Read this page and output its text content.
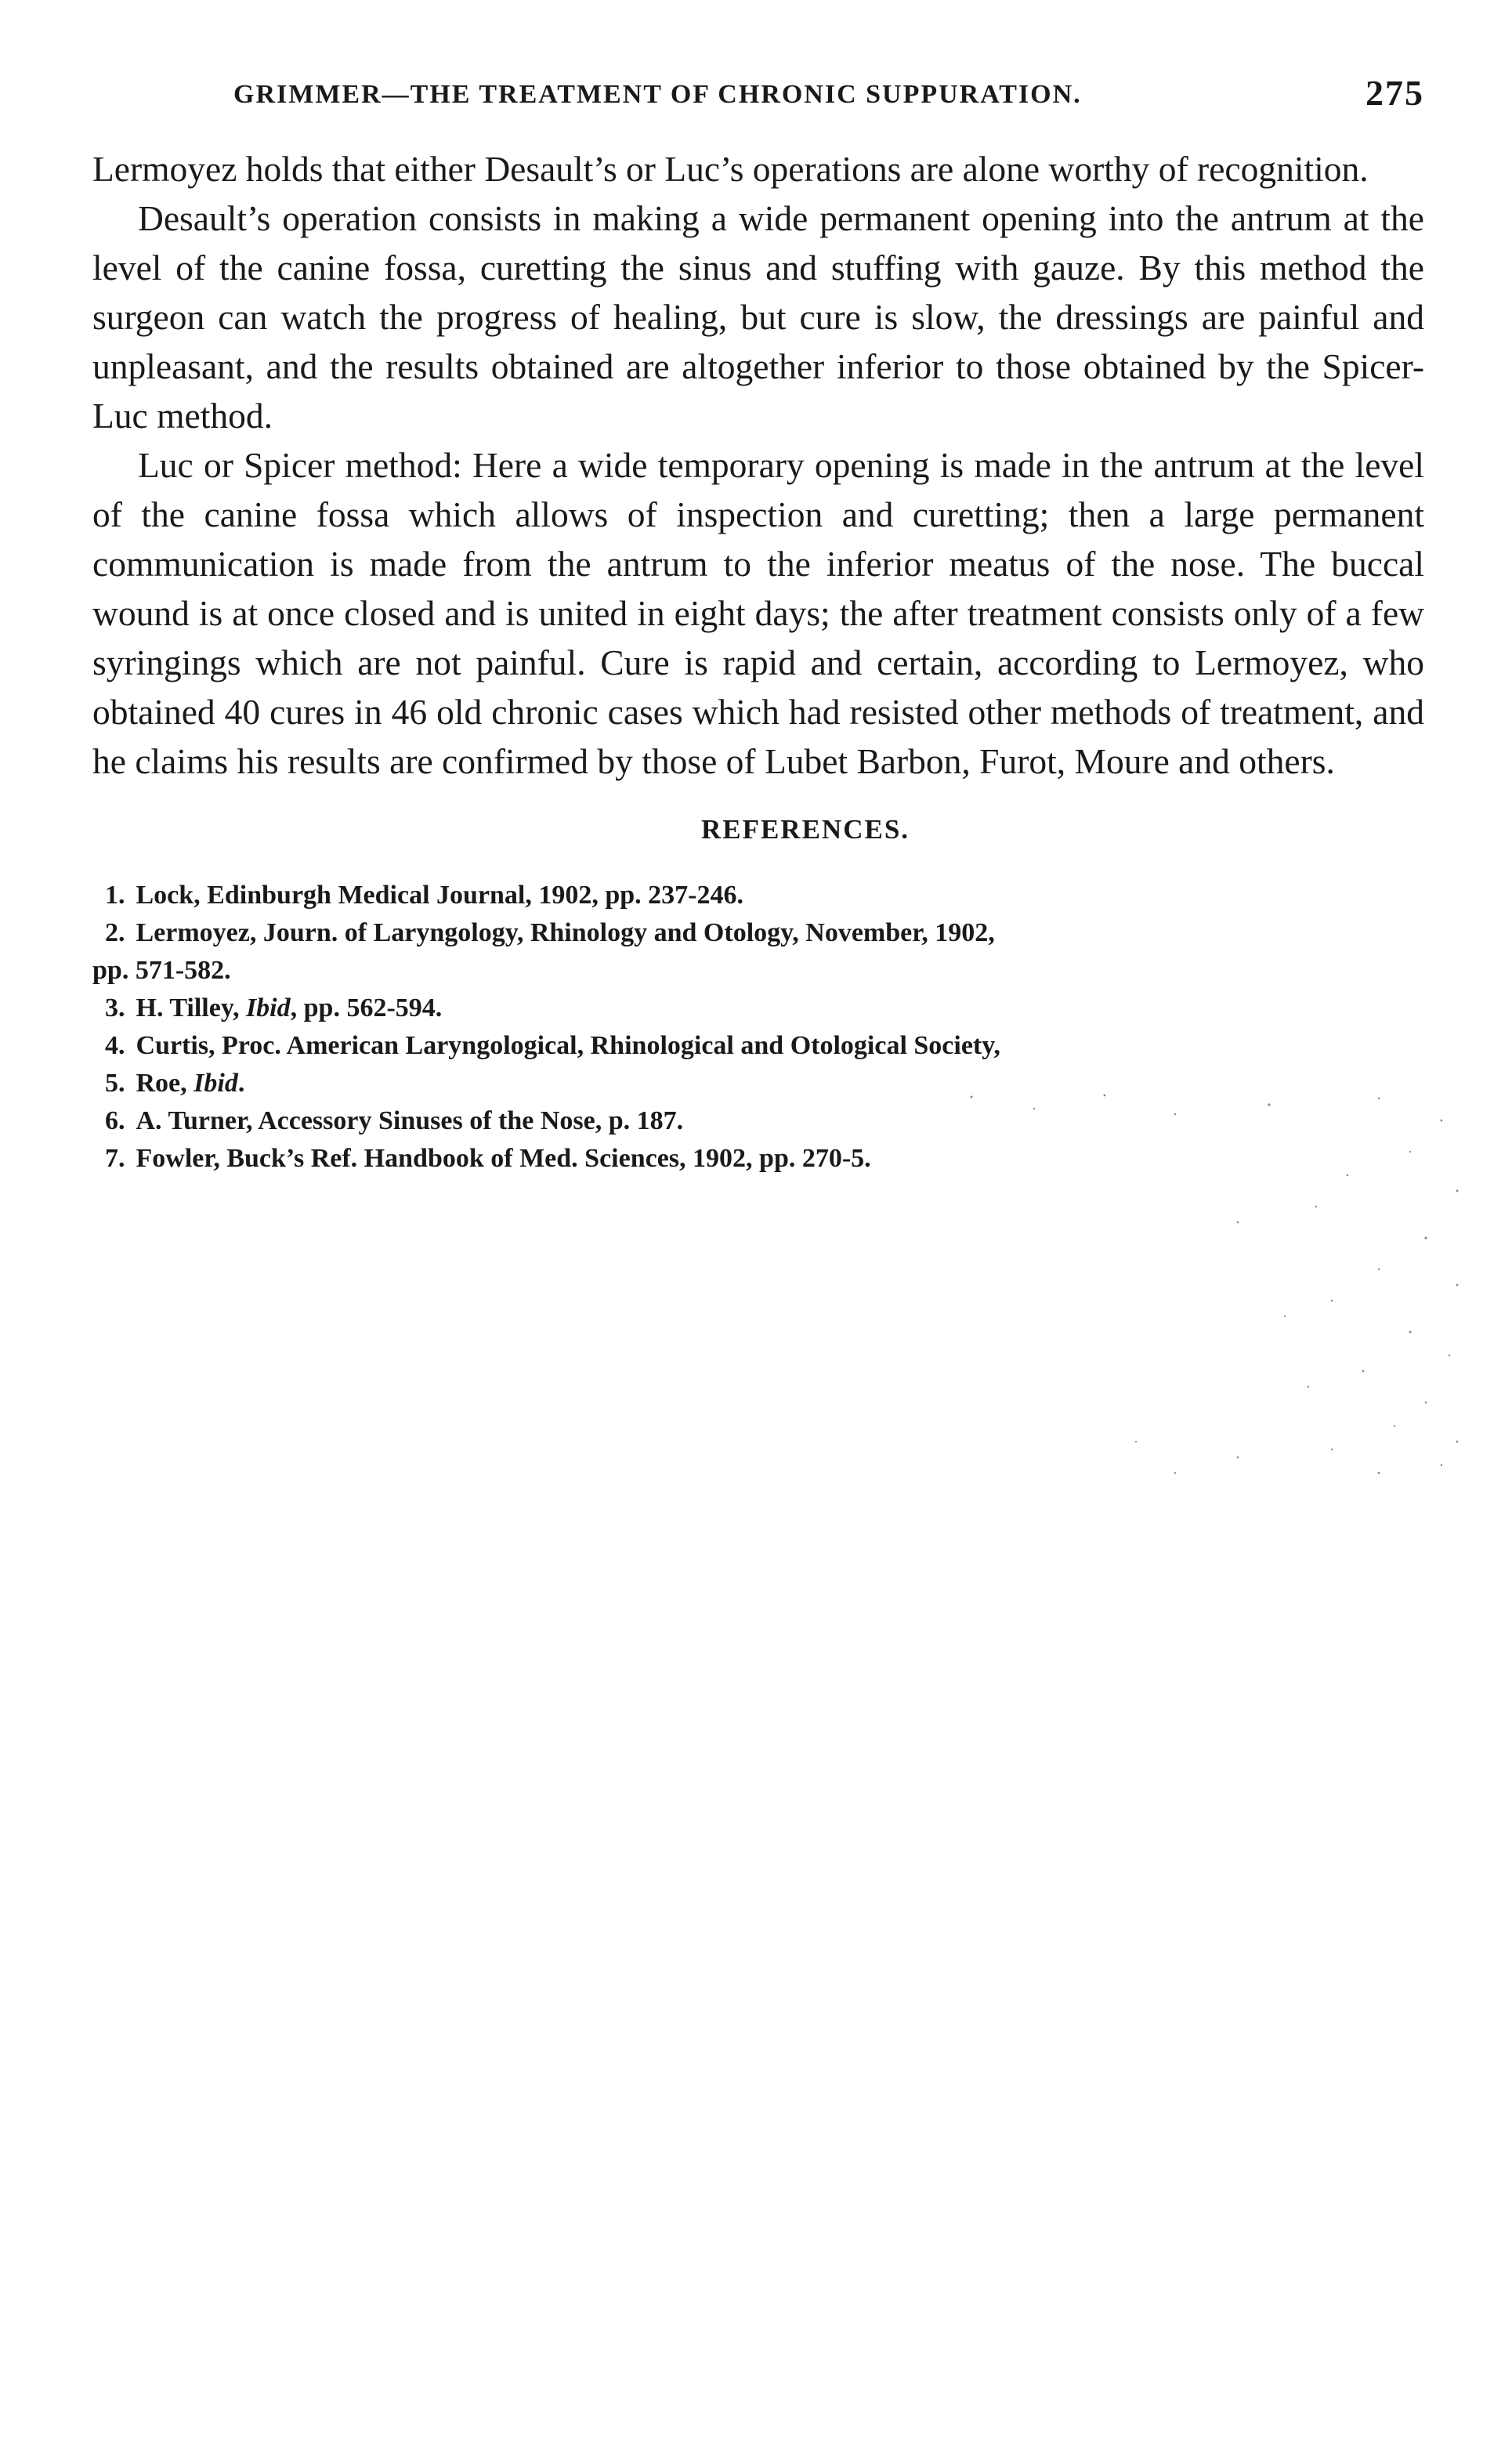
GRIMMER—THE TREATMENT OF CHRONIC SUPPURATION.	275

Lermoyez holds that either Desault’s or Luc’s operations are alone worthy of recognition.

Desault’s operation consists in making a wide permanent opening into the antrum at the level of the canine fossa, curetting the sinus and stuffing with gauze. By this method the surgeon can watch the progress of healing, but cure is slow, the dressings are painful and unpleasant, and the results obtained are altogether inferior to those obtained by the Spicer-Luc method.

Luc or Spicer method: Here a wide temporary opening is made in the antrum at the level of the canine fossa which allows of inspection and curetting; then a large permanent communication is made from the antrum to the inferior meatus of the nose. The buccal wound is at once closed and is united in eight days; the after treatment consists only of a few syringings which are not painful. Cure is rapid and certain, according to Lermoyez, who obtained 40 cures in 46 old chronic cases which had resisted other methods of treatment, and he claims his results are confirmed by those of Lubet Barbon, Furot, Moure and others.

REFERENCES.
1. Lock, Edinburgh Medical Journal, 1902, pp. 237-246.
2. Lermoyez, Journ. of Laryngology, Rhinology and Otology, November, 1902,
pp. 571-582.
3. H. Tilley, Ibid, pp. 562-594.
4. Curtis, Proc. American Laryngological, Rhinological and Otological Society,
5. Roe, Ibid.
6. A. Turner, Accessory Sinuses of the Nose, p. 187.
7. Fowler, Buck’s Ref. Handbook of Med. Sciences, 1902, pp. 270-5.
